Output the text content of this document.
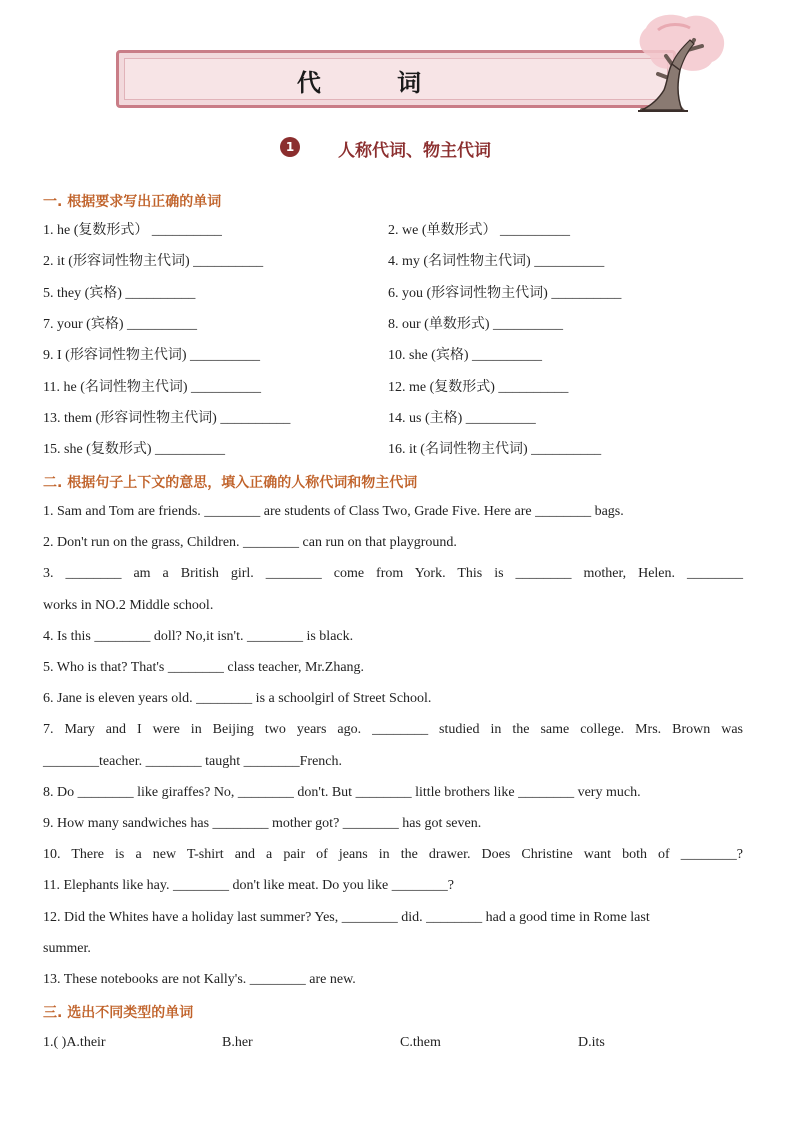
代 词
1	人称代词、物主代词
一. 根据要求写出正确的单词
1. he (复数形式） __________	2. we (单数形式） __________
2. it (形容词性物主代词) __________	4. my (名词性物主代词) __________
5. they (宾格) __________	6. you (形容词性物主代词) __________
7. your (宾格) __________	8. our (单数形式) __________
9. I (形容词性物主代词) __________	10. she (宾格) __________
11. he (名词性物主代词) __________	12. me (复数形式) __________
13. them (形容词性物主代词) __________	14. us (主格) __________
15. she (复数形式) __________	16. it (名词性物主代词) __________
二. 根据句子上下文的意思，填入正确的人称代词和物主代词
1. Sam and Tom are friends. ________ are students of Class Two, Grade Five. Here are ________ bags.
2. Don't run on the grass, Children. ________ can run on that playground.
3. ________ am a British girl. ________ come from York. This is ________ mother, Helen. ________
works in NO.2 Middle school.
4. Is this ________ doll? No,it isn't. ________ is black.
5. Who is that? That's ________ class teacher, Mr.Zhang.
6. Jane is eleven years old. ________ is a schoolgirl of Street School.
7. Mary and I were in Beijing two years ago. ________ studied in the same college. Mrs. Brown was
________teacher. ________ taught ________French.
8. Do ________ like giraffes? No, ________ don't. But ________ little brothers like ________ very much.
9. How many sandwiches has ________ mother got? ________ has got seven.
10. There is a new T-shirt and a pair of jeans in the drawer. Does Christine want both of ________?
11. Elephants like hay. ________ don't like meat. Do you like ________?
12. Did the Whites have a holiday last summer? Yes, ________ did. ________ had a good time in Rome last
summer.
13. These notebooks are not Kally's. ________ are new.
三. 选出不同类型的单词
1.( )A.their	B.her	C.them	D.its
